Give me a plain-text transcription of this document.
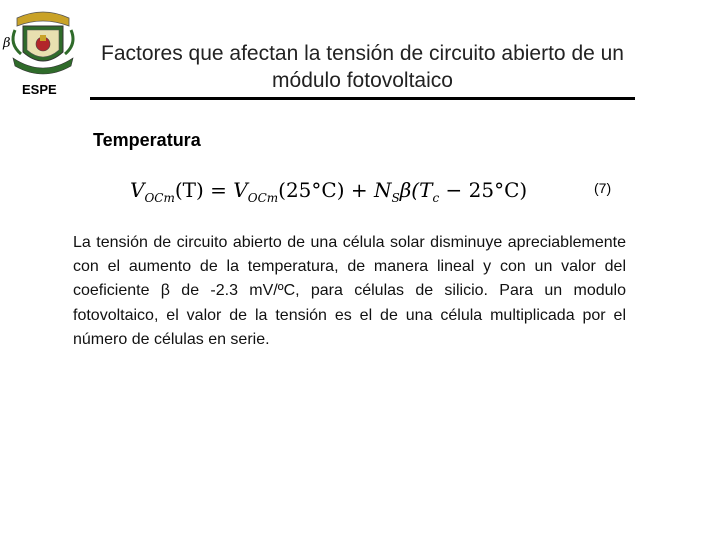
β
ESPE
Factores que afectan la tensión de circuito abierto de un módulo fotovoltaico
Temperatura
$V_{OCm}(T) = V_{OCm}(25^\circ C) + N_S\beta(T_c - 25^\circ C)$	(7)
La tensión de circuito abierto de una célula solar disminuye apreciablemente con el aumento de la temperatura, de manera lineal y con un valor del coeficiente β de -2.3 mV/ºC, para células de silicio. Para un modulo fotovoltaico, el valor de la tensión es el de una célula multiplicada por el número de células en serie.
